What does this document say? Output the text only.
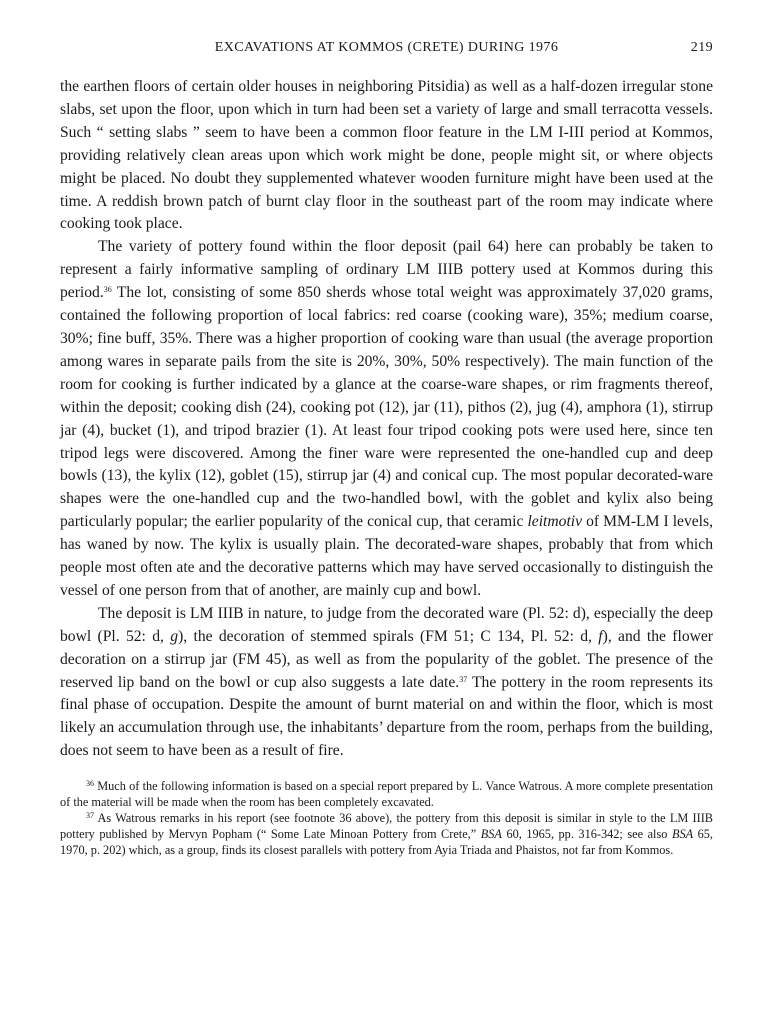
EXCAVATIONS AT KOMMOS (CRETE) DURING 1976	219

the earthen floors of certain older houses in neighboring Pitsidia) as well as a half-dozen irregular stone slabs, set upon the floor, upon which in turn had been set a variety of large and small terracotta vessels. Such “ setting slabs ” seem to have been a common floor feature in the LM I-III period at Kommos, providing relatively clean areas upon which work might be done, people might sit, or where objects might be placed. No doubt they supplemented whatever wooden furniture might have been used at the time. A reddish brown patch of burnt clay floor in the southeast part of the room may indicate where cooking took place.

The variety of pottery found within the floor deposit (pail 64) here can probably be taken to represent a fairly informative sampling of ordinary LM IIIB pottery used at Kommos during this period.$^{36}$ The lot, consisting of some 850 sherds whose total weight was approximately 37,020 grams, contained the following proportion of local fabrics: red coarse (cooking ware), 35%; medium coarse, 30%; fine buff, 35%. There was a higher proportion of cooking ware than usual (the average proportion among wares in separate pails from the site is 20%, 30%, 50% respectively). The main function of the room for cooking is further indicated by a glance at the coarse-ware shapes, or rim fragments thereof, within the deposit; cooking dish (24), cooking pot (12), jar (11), pithos (2), jug (4), amphora (1), stirrup jar (4), bucket (1), and tripod brazier (1). At least four tripod cooking pots were used here, since ten tripod legs were discovered. Among the finer ware were represented the one-handled cup and deep bowls (13), the kylix (12), goblet (15), stirrup jar (4) and conical cup. The most popular decorated-ware shapes were the one-handled cup and the two-handled bowl, with the goblet and kylix also being particularly popular; the earlier popularity of the conical cup, that ceramic leitmotiv of MM-LM I levels, has waned by now. The kylix is usually plain. The decorated-ware shapes, probably that from which people most often ate and the decorative patterns which may have served occasionally to distinguish the vessel of one person from that of another, are mainly cup and bowl.

The deposit is LM IIIB in nature, to judge from the decorated ware (Pl. 52: d), especially the deep bowl (Pl. 52: d, g), the decoration of stemmed spirals (FM 51; C 134, Pl. 52: d, f), and the flower decoration on a stirrup jar (FM 45), as well as from the popularity of the goblet. The presence of the reserved lip band on the bowl or cup also suggests a late date.$^{37}$ The pottery in the room represents its final phase of occupation. Despite the amount of burnt material on and within the floor, which is most likely an accumulation through use, the inhabitants’ departure from the room, perhaps from the building, does not seem to have been as a result of fire.

$^{36}$ Much of the following information is based on a special report prepared by L. Vance Watrous. A more complete presentation of the material will be made when the room has been completely excavated.

$^{37}$ As Watrous remarks in his report (see footnote 36 above), the pottery from this deposit is similar in style to the LM IIIB pottery published by Mervyn Popham (“ Some Late Minoan Pottery from Crete,” BSA 60, 1965, pp. 316-342; see also BSA 65, 1970, p. 202) which, as a group, finds its closest parallels with pottery from Ayia Triada and Phaistos, not far from Kommos.
